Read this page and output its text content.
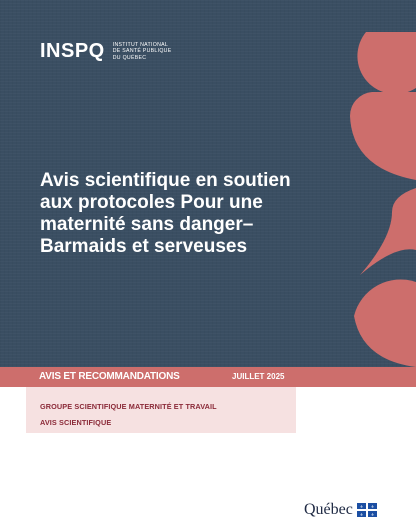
INSPQ INSTITUT NATIONAL
DE SANTÉ PUBLIQUE
DU QUÉBEC
Avis scientifique en soutien
aux protocoles Pour une
maternité sans danger–
Barmaids et serveuses
AVIS ET RECOMMANDATIONS	JUILLET 2025
GROUPE SCIENTIFIQUE MATERNITÉ ET TRAVAIL
AVIS SCIENTIFIQUE
Québec ⚜ ⚜
⚜ ⚜
